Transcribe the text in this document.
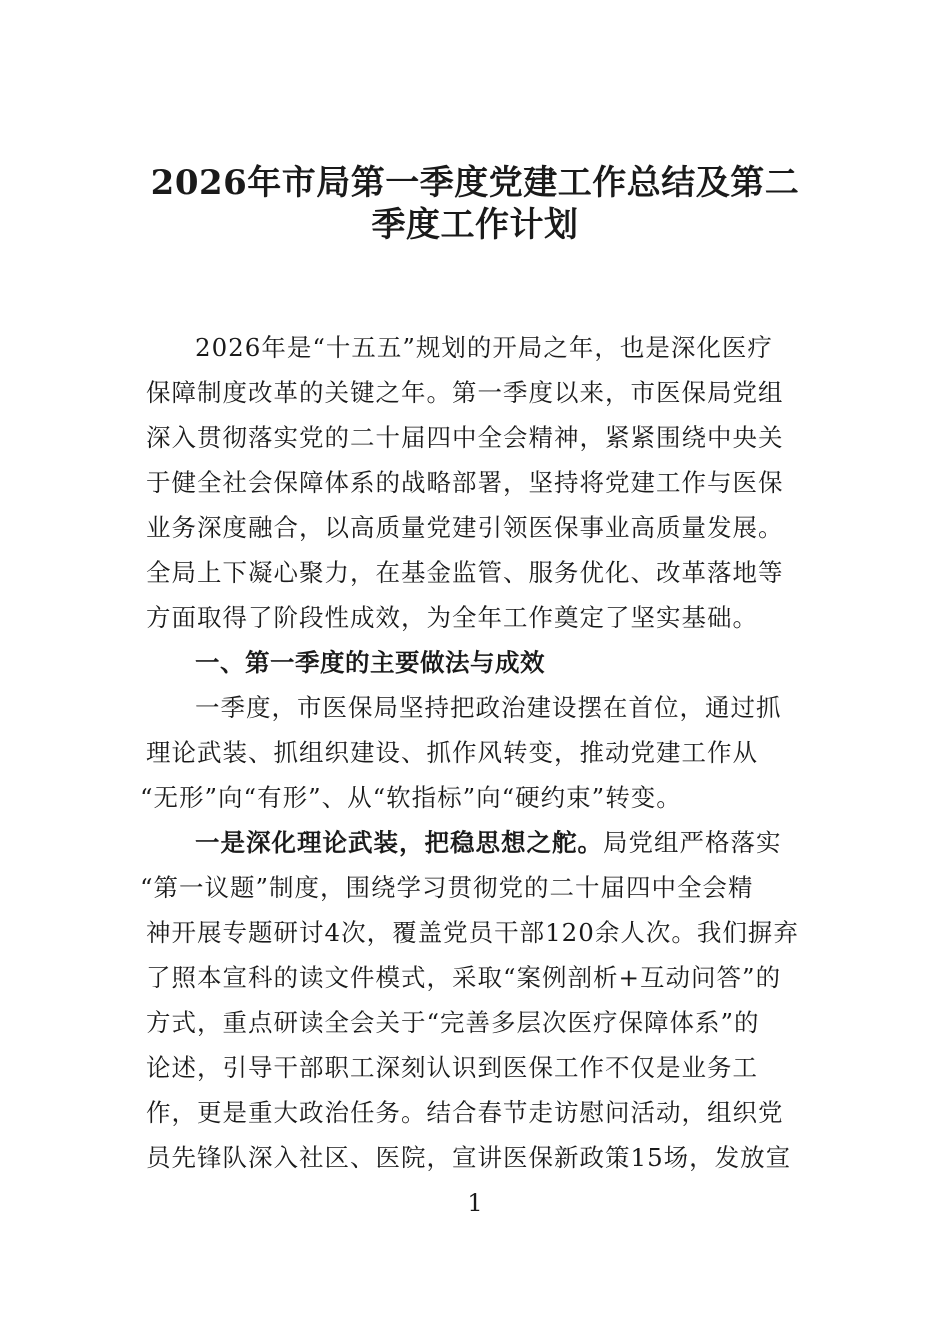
2026年市局第一季度党建工作总结及第二
季度工作计划
2026年是“十五五”规划的开局之年，也是深化医疗
保障制度改革的关键之年。第一季度以来，市医保局党组
深入贯彻落实党的二十届四中全会精神，紧紧围绕中央关
于健全社会保障体系的战略部署，坚持将党建工作与医保
业务深度融合，以高质量党建引领医保事业高质量发展。
全局上下凝心聚力，在基金监管、服务优化、改革落地等
方面取得了阶段性成效，为全年工作奠定了坚实基础。
一、第一季度的主要做法与成效
一季度，市医保局坚持把政治建设摆在首位，通过抓
理论武装、抓组织建设、抓作风转变，推动党建工作从
“无形”向“有形”、从“软指标”向“硬约束”转变。
一是深化理论武装，把稳思想之舵。局党组严格落实
“第一议题”制度，围绕学习贯彻党的二十届四中全会精
神开展专题研讨4次，覆盖党员干部120余人次。我们摒弃
了照本宣科的读文件模式，采取“案例剖析+互动问答”的
方式，重点研读全会关于“完善多层次医疗保障体系”的
论述，引导干部职工深刻认识到医保工作不仅是业务工
作，更是重大政治任务。结合春节走访慰问活动，组织党
员先锋队深入社区、医院，宣讲医保新政策15场，发放宣
1
